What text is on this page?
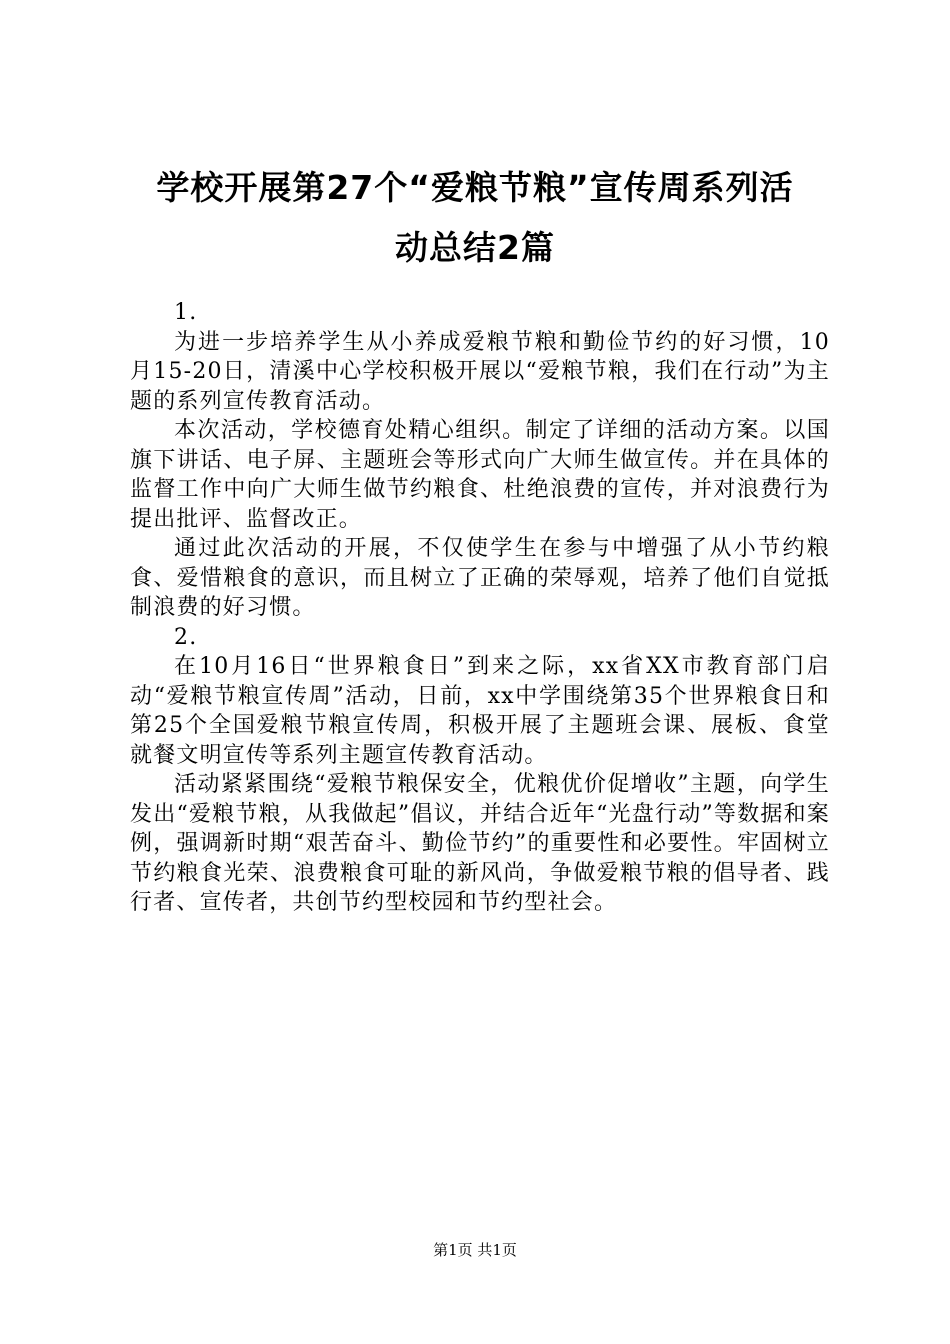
学校开展第27个“爱粮节粮”宣传周系列活
动总结2篇

1.

为进一步培养学生从小养成爱粮节粮和勤俭节约的好习惯，10月15-20日，清溪中心学校积极开展以“爱粮节粮，我们在行动”为主题的系列宣传教育活动。

本次活动，学校德育处精心组织。制定了详细的活动方案。以国旗下讲话、电子屏、主题班会等形式向广大师生做宣传。并在具体的监督工作中向广大师生做节约粮食、杜绝浪费的宣传，并对浪费行为提出批评、监督改正。

通过此次活动的开展，不仅使学生在参与中增强了从小节约粮食、爱惜粮食的意识，而且树立了正确的荣辱观，培养了他们自觉抵制浪费的好习惯。

2.

在10月16日“世界粮食日”到来之际，xx省XX市教育部门启动“爱粮节粮宣传周”活动，日前，xx中学围绕第35个世界粮食日和第25个全国爱粮节粮宣传周，积极开展了主题班会课、展板、食堂就餐文明宣传等系列主题宣传教育活动。

活动紧紧围绕“爱粮节粮保安全，优粮优价促增收”主题，向学生发出“爱粮节粮，从我做起”倡议，并结合近年“光盘行动”等数据和案例，强调新时期“艰苦奋斗、勤俭节约”的重要性和必要性。牢固树立节约粮食光荣、浪费粮食可耻的新风尚，争做爱粮节粮的倡导者、践行者、宣传者，共创节约型校园和节约型社会。

第1页 共1页
